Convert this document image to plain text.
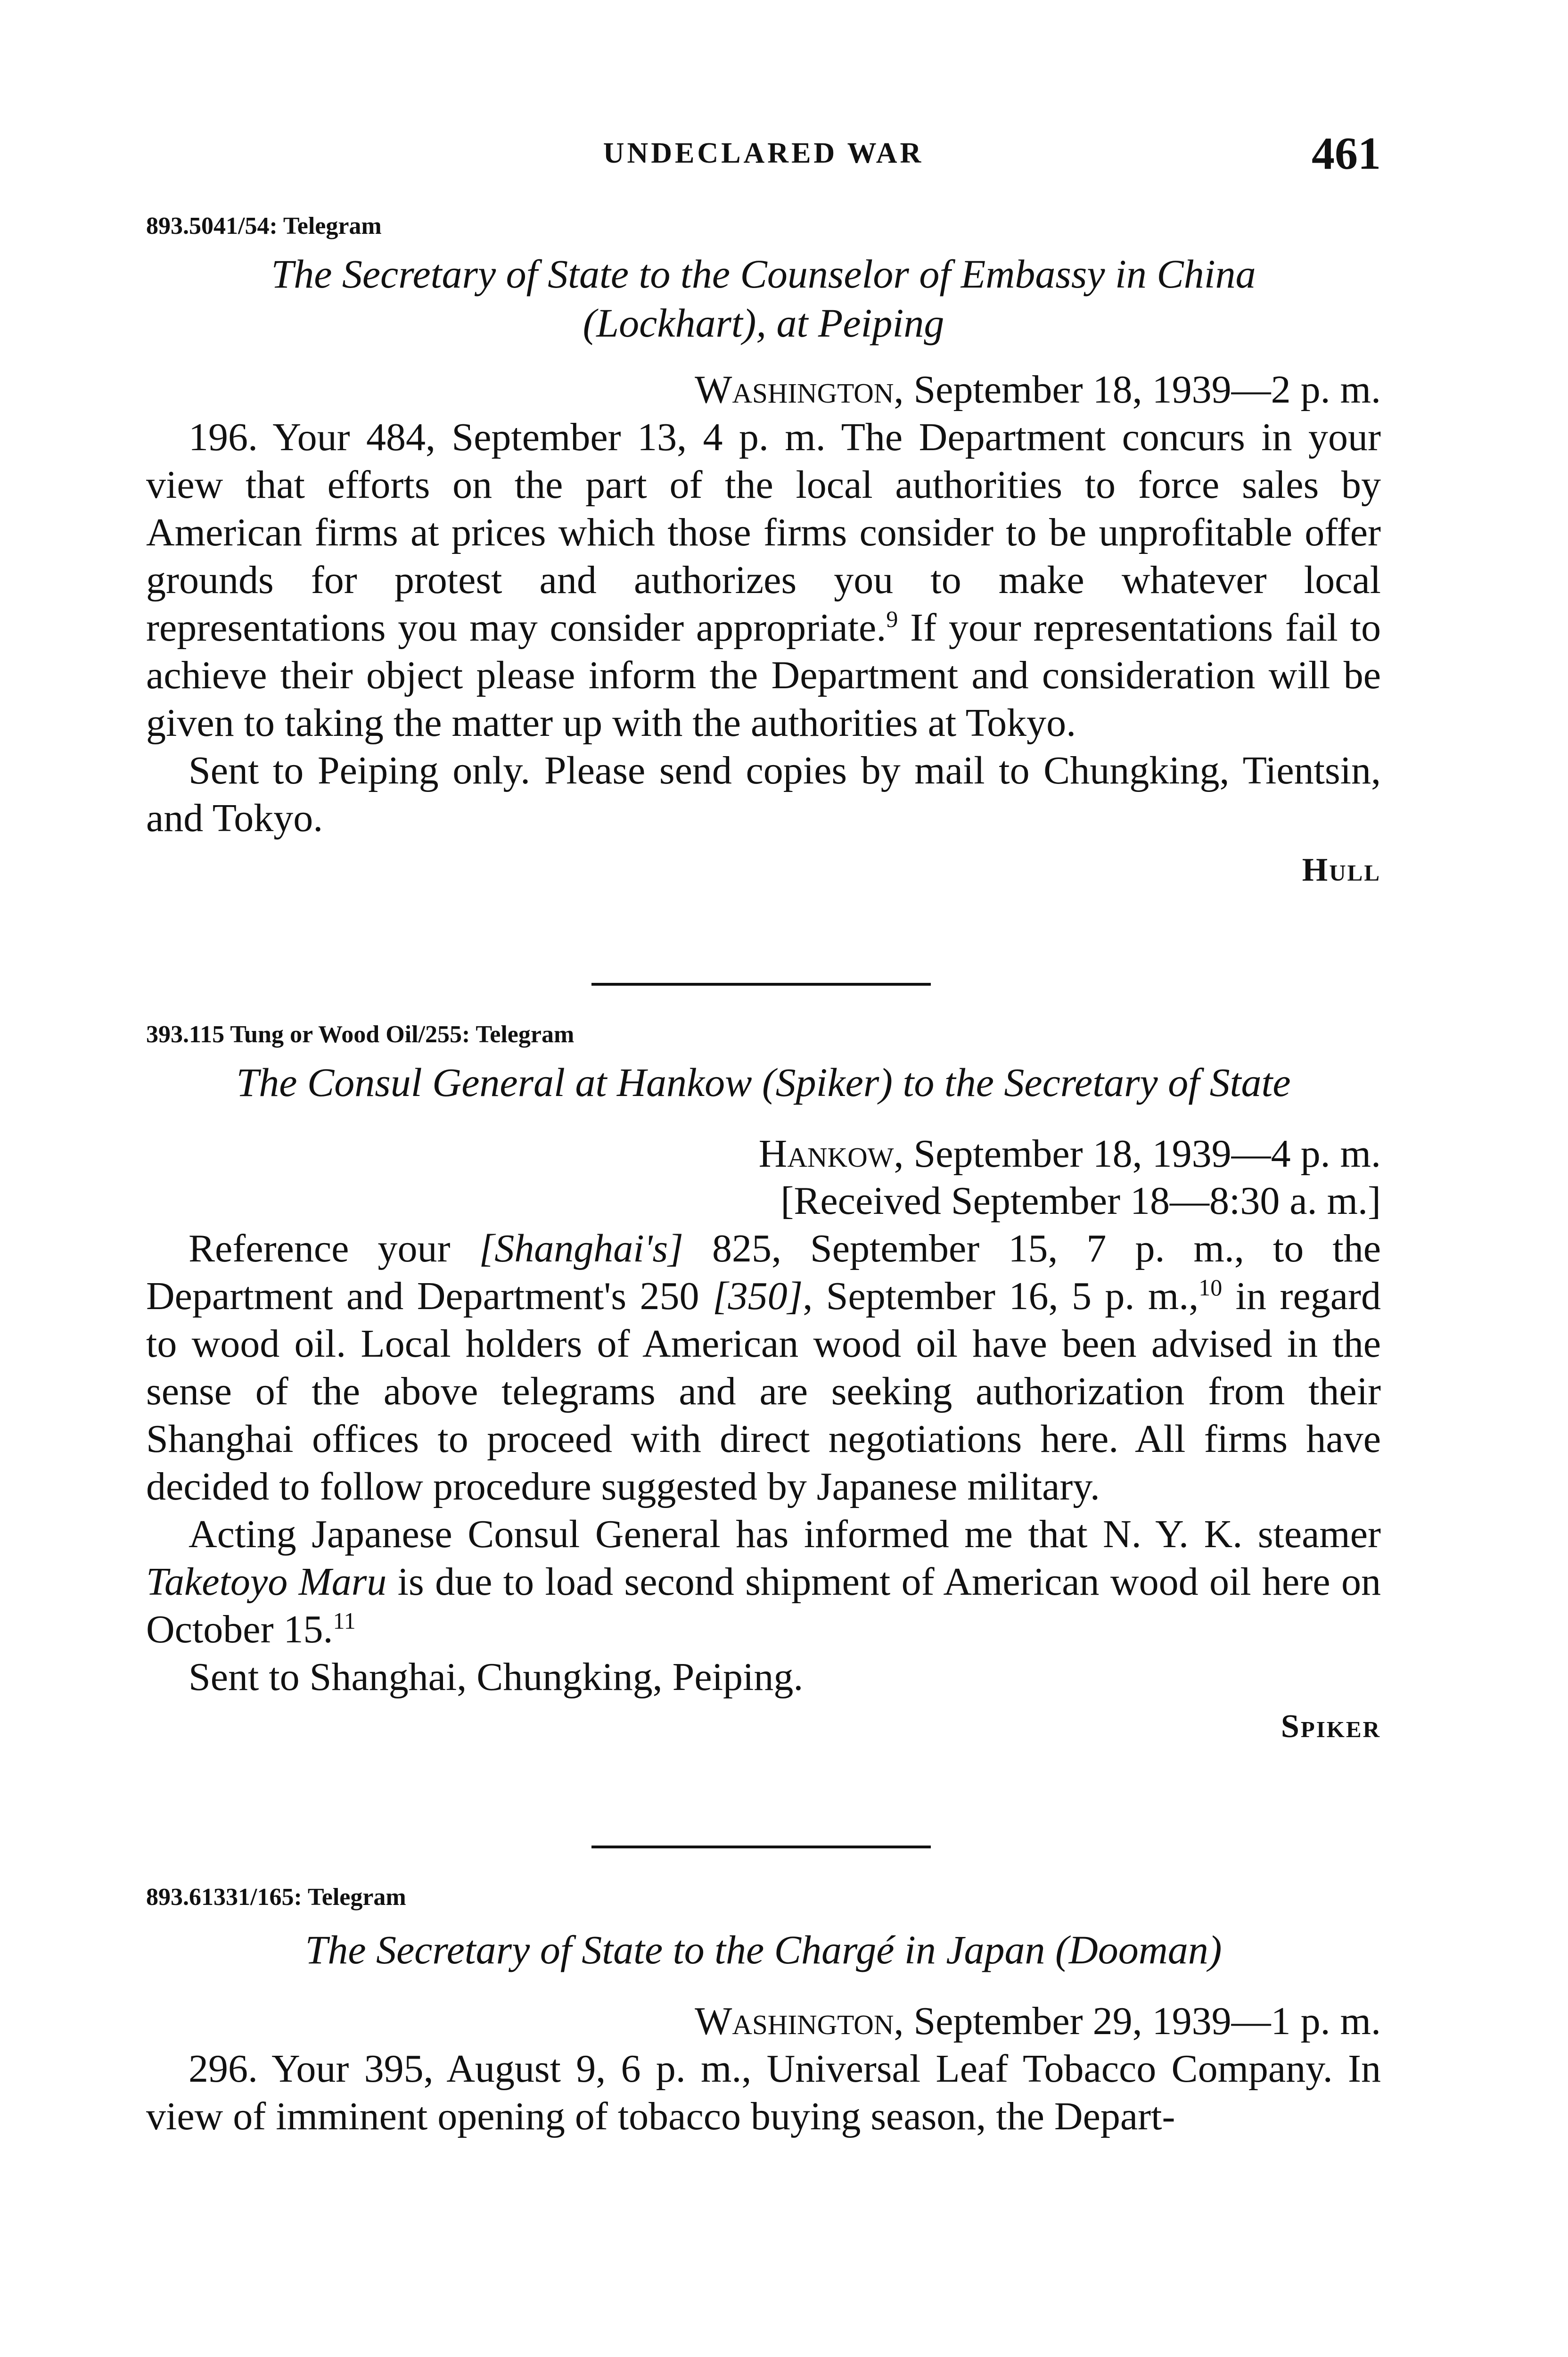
UNDECLARED WAR	461
893.5041/54: Telegram
The Secretary of State to the Counselor of Embassy in China
(Lockhart), at Peiping
Washington, September 18, 1939—2 p. m.

196. Your 484, September 13, 4 p. m. The Department concurs in your view that efforts on the part of the local authorities to force sales by American firms at prices which those firms consider to be unprofitable offer grounds for protest and authorizes you to make whatever local representations you may consider appropriate.$^9$ If your representations fail to achieve their object please inform the Department and consideration will be given to taking the matter up with the authorities at Tokyo.

Sent to Peiping only. Please send copies by mail to Chungking, Tientsin, and Tokyo.

Hull
393.115 Tung or Wood Oil/255: Telegram
The Consul General at Hankow (Spiker) to the Secretary of State
Hankow, September 18, 1939—4 p. m.
[Received September 18—8:30 a. m.]

Reference your [Shanghai's] 825, September 15, 7 p. m., to the Department and Department's 250 [350], September 16, 5 p. m.,$^{10}$ in regard to wood oil. Local holders of American wood oil have been advised in the sense of the above telegrams and are seeking authorization from their Shanghai offices to proceed with direct negotiations here. All firms have decided to follow procedure suggested by Japanese military.

Acting Japanese Consul General has informed me that N. Y. K. steamer Taketoyo Maru is due to load second shipment of American wood oil here on October 15.11

Sent to Shanghai, Chungking, Peiping.

Spiker
893.61331/165: Telegram
The Secretary of State to the Chargé in Japan (Dooman)
Washington, September 29, 1939—1 p. m.

296. Your 395, August 9, 6 p. m., Universal Leaf Tobacco Company. In view of imminent opening of tobacco buying season, the Depart-
